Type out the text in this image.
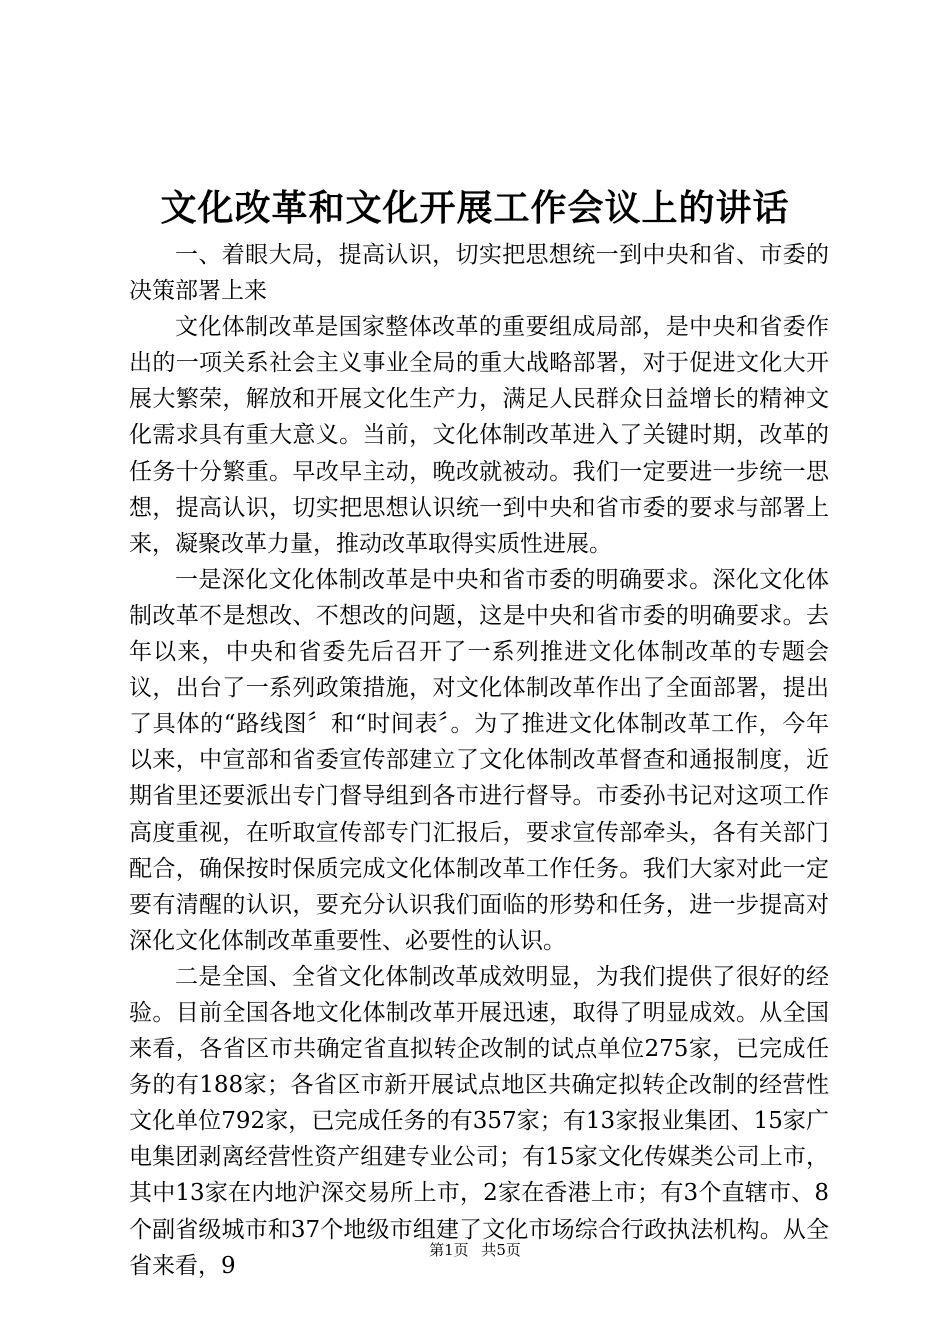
文化改革和文化开展工作会议上的讲话

一、着眼大局，提高认识，切实把思想统一到中央和省、市委的决策部署上来

文化体制改革是国家整体改革的重要组成局部，是中央和省委作出的一项关系社会主义事业全局的重大战略部署，对于促进文化大开展大繁荣，解放和开展文化生产力，满足人民群众日益增长的精神文化需求具有重大意义。当前，文化体制改革进入了关键时期，改革的任务十分繁重。早改早主动，晚改就被动。我们一定要进一步统一思想，提高认识，切实把思想认识统一到中央和省市委的要求与部署上来，凝聚改革力量，推动改革取得实质性进展。

一是深化文化体制改革是中央和省市委的明确要求。深化文化体制改革不是想改、不想改的问题，这是中央和省市委的明确要求。去年以来，中央和省委先后召开了一系列推进文化体制改革的专题会议，出台了一系列政策措施，对文化体制改革作出了全面部署，提出了具体的“路线图〞和“时间表〞。为了推进文化体制改革工作，今年以来，中宣部和省委宣传部建立了文化体制改革督查和通报制度，近期省里还要派出专门督导组到各市进行督导。市委孙书记对这项工作高度重视，在听取宣传部专门汇报后，要求宣传部牵头，各有关部门配合，确保按时保质完成文化体制改革工作任务。我们大家对此一定要有清醒的认识，要充分认识我们面临的形势和任务，进一步提高对深化文化体制改革重要性、必要性的认识。

二是全国、全省文化体制改革成效明显，为我们提供了很好的经验。目前全国各地文化体制改革开展迅速，取得了明显成效。从全国来看，各省区市共确定省直拟转企改制的试点单位275家，已完成任务的有188家；各省区市新开展试点地区共确定拟转企改制的经营性文化单位792家，已完成任务的有357家；有13家报业集团、15家广电集团剥离经营性资产组建专业公司；有15家文化传媒类公司上市，其中13家在内地沪深交易所上市，2家在香港上市；有3个直辖市、8个副省级城市和37个地级市组建了文化市场综合行政执法机构。从全省来看，9

第1页 共5页
